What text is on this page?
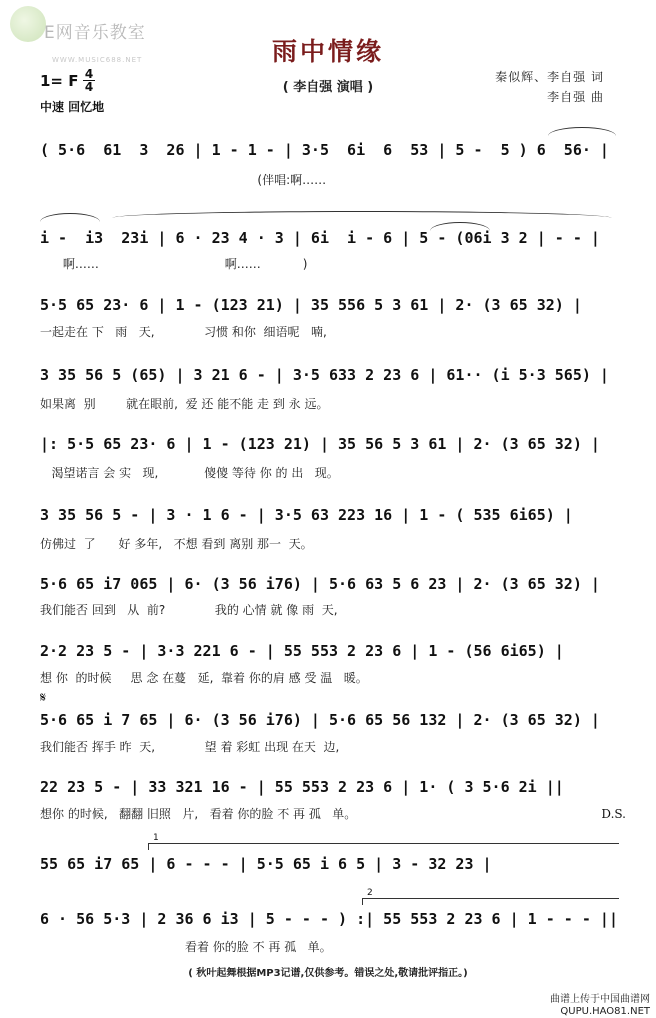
E网音乐教室
WWW.MUSIC688.NET	雨中情缘
( 李自强 演唱 )
秦似辉、李自强 词
李自强 曲
1= F 4
4
中速 回忆地
𝄋
1
2
( 5·6  61  3  26 | 1 - 1 - | 3·5  6i  6  53 | 5 -  5 ) 6  56· |
(伴唱:啊……
i -  i3  23i | 6 · 23 4 · 3 | 6i  i - 6 | 5 - (06i 3 2 | - - |
啊……                                 啊……           )
5·5 65 23· 6 | 1 - (123 21) | 35 556 5 3 61 | 2· (3 65 32) |
一起走在 下   雨   天,             习惯 和你  细语呢   喃,
3 35 56 5 (65) | 3 21 6 - | 3·5 633 2 23 6 | 61·· (i 5·3 565) |
如果离  别        就在眼前,  爱 还 能不能 走 到 永 远。
|: 5·5 65 23· 6 | 1 - (123 21) | 35 56 5 3 61 | 2· (3 65 32) |
渴望诺言 会 实   现,            傻傻 等待 你 的 出   现。
3 35 56 5 - | 3 · 1 6 - | 3·5 63 223 16 | 1 - ( 535 6i65) |
仿佛过  了      好 多年,   不想 看到 离别 那一  天。
5·6 65 i7 065 | 6· (3 56 i76) | 5·6 63 5 6 23 | 2· (3 65 32) |
我们能否 回到   从  前?             我的 心情 就 像 雨  天,
2·2 23 5 - | 3·3 221 6 - | 55 553 2 23 6 | 1 - (56 6i65) |
想 你  的时候     思 念 在蔓   延,  靠着 你的肩 感 受 温   暖。
5·6 65 i 7 65 | 6· (3 56 i76) | 5·6 65 56 132 | 2· (3 65 32) |
我们能否 挥手 昨  天,             望 着 彩虹 出现 在天  边,
22 23 5 - | 33 321 16 - | 55 553 2 23 6 | 1· ( 3 5·6 2i ||
想你 的时候,   翻翻 旧照   片,   看着 你的脸 不 再 孤   单。	D.S.
55 65 i7 65 | 6 - - - | 5·5 65 i 6 5 | 3 - 32 23 |
6 · 56 5·3 | 2 36 6 i3 | 5 - - - ) :| 55 553 2 23 6 | 1 - - - ||
看着 你的脸 不 再 孤   单。
( 秋叶起舞根据MP3记谱,仅供参考。错误之处,敬请批评指正。)
曲谱上传于中国曲谱网
QUPU.HAO81.NET
